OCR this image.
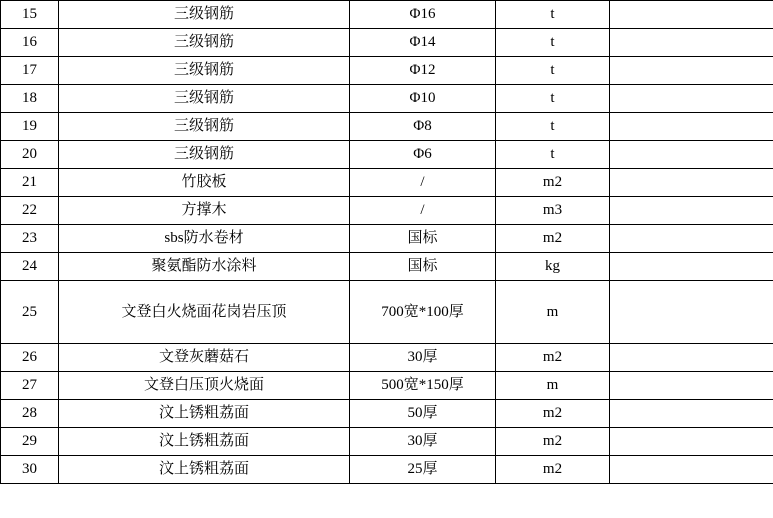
15	三级钢筋	Φ16	t	
16	三级钢筋	Φ14	t	
17	三级钢筋	Φ12	t	
18	三级钢筋	Φ10	t	
19	三级钢筋	Φ8	t	
20	三级钢筋	Φ6	t	
21	竹胶板	/	m2	
22	方撑木	/	m3	
23	sbs防水卷材	国标	m2	
24	聚氨酯防水涂料	国标	kg	
25	文登白火烧面花岗岩压顶	700宽*100厚	m	
26	文登灰蘑菇石	30厚	m2	
27	文登白压顶火烧面	500宽*150厚	m	
28	汶上锈粗荔面	50厚	m2	
29	汶上锈粗荔面	30厚	m2	
30	汶上锈粗荔面	25厚	m2	
